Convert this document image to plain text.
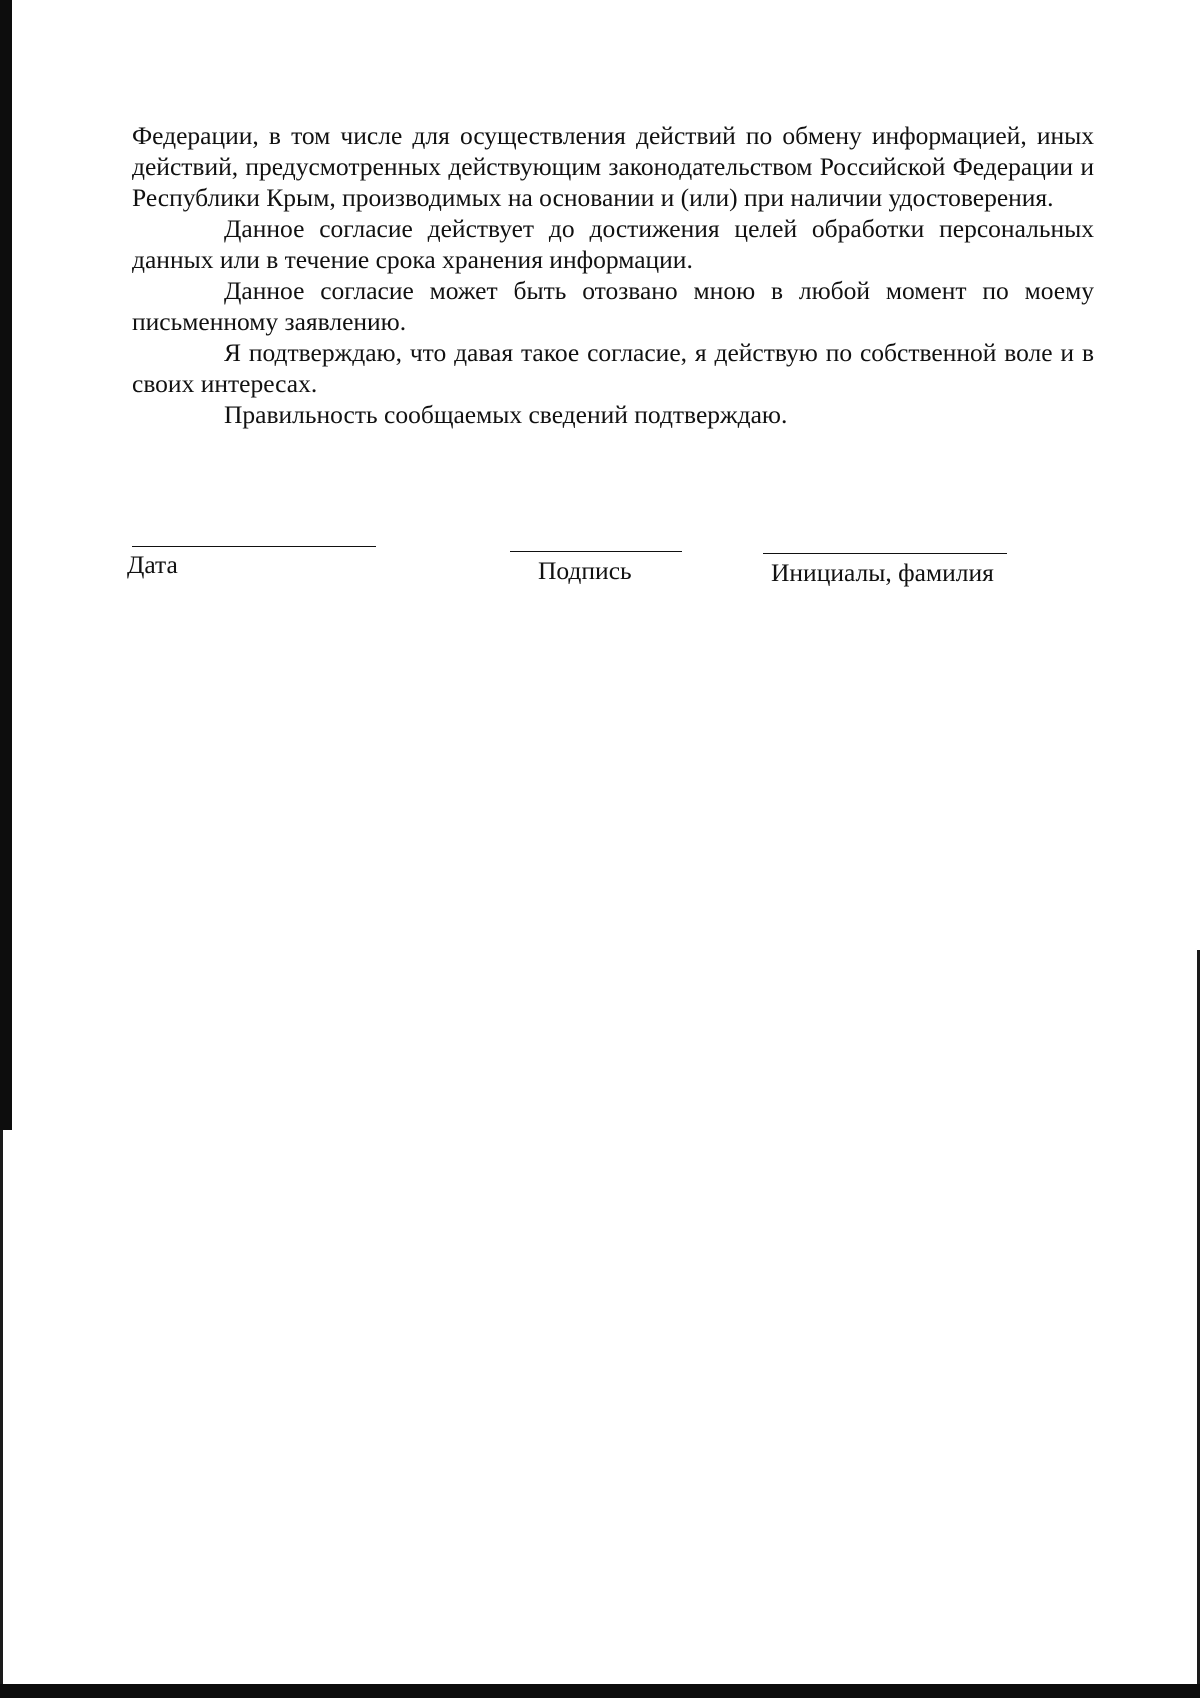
Федерации, в том числе для осуществления действий по обмену информацией, иных действий, предусмотренных действующим законодательством Российской Федерации и Республики Крым, производимых на основании и (или) при наличии удостоверения.

Данное согласие действует до достижения целей обработки персональных данных или в течение срока хранения информации.

Данное согласие может быть отозвано мною в любой момент по моему письменному заявлению.

Я подтверждаю, что давая такое согласие, я действую по собственной воле и в своих интересах.

Правильность сообщаемых сведений подтверждаю.

Дата	Подпись	Инициалы, фамилия
